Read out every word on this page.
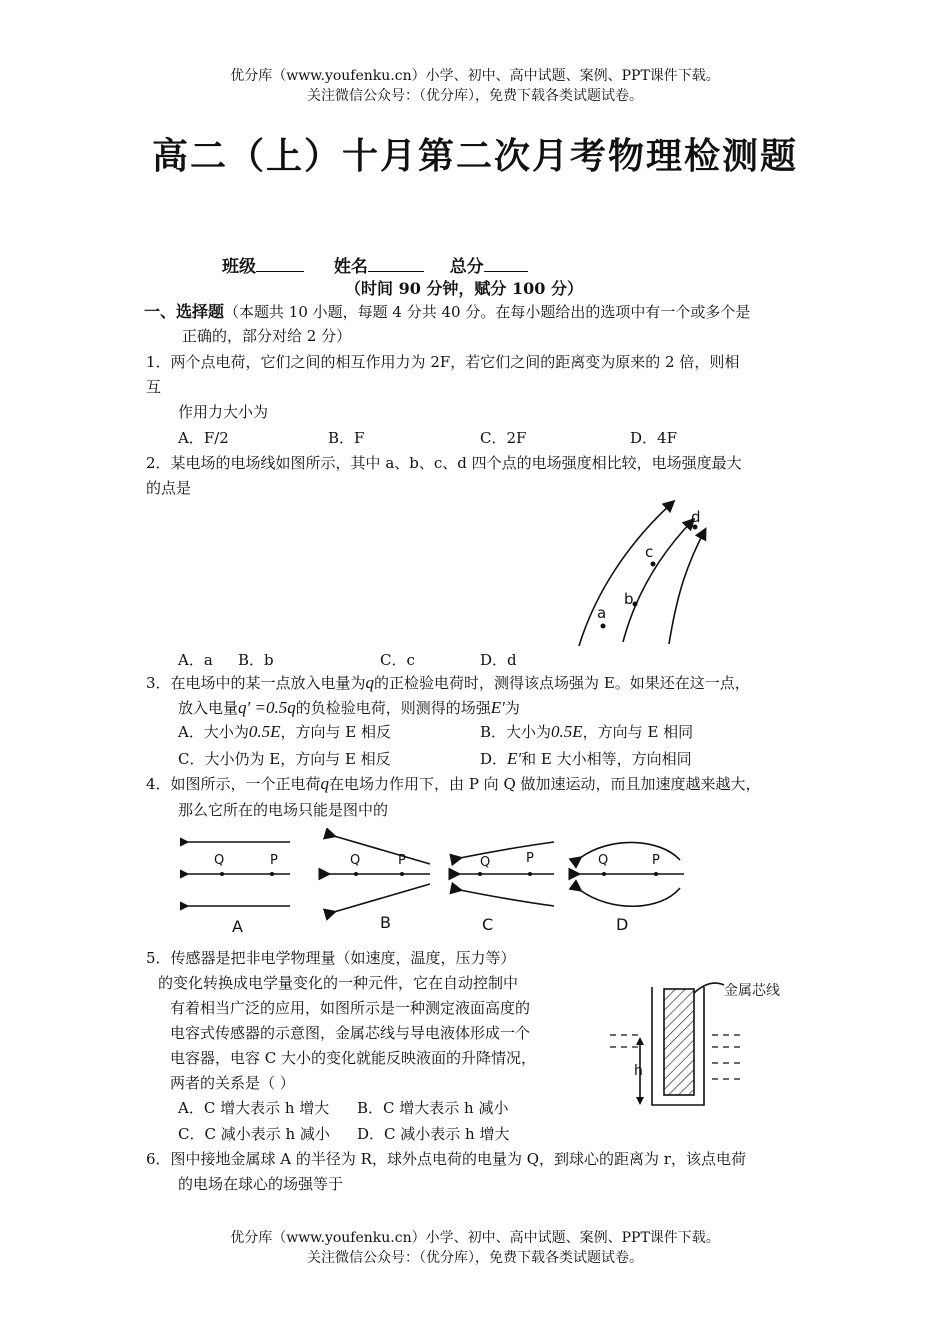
优分库（www.youfenku.cn）小学、初中、高中试题、案例、PPT课件下载。
关注微信公众号：（优分库），免费下载各类试题试卷。
高二（上）十月第二次月考物理检测题
班级	姓名	总分
（时间 90 分钟，赋分 100 分）
一、选择题（本题共 10 小题，每题 4 分共 40 分。在每小题给出的选项中有一个或多个是
正确的，部分对给 2 分）
1．两个点电荷，它们之间的相互作用力为 2F，若它们之间的距离变为原来的 2 倍，则相
互
作用力大小为
A．F/2	B．F	C．2F	D．4F
2．某电场的电场线如图所示，其中 a、b、c、d 四个点的电场强度相比较，电场强度最大
的点是
a
b
c
d
A．a B．b	C．c	D．d
3．在电场中的某一点放入电量为q的正检验电荷时，测得该点场强为 E。如果还在这一点，
放入电量q′ =0.5q的负检验电荷，则测得的场强E′为
A．大小为0.5E，方向与 E 相反	B．大小为0.5E，方向与 E 相同
C．大小仍为 E，方向与 E 相反	D．E′和 E 大小相等，方向相同
4．如图所示，一个正电荷q在电场力作用下，由 P 向 Q 做加速运动，而且加速度越来越大，
那么它所在的电场只能是图中的
Q	P
A
Q	P
B
Q	P
C
Q	P
D
5．传感器是把非电学物理量（如速度，温度，压力等）
的变化转换成电学量变化的一种元件，它在自动控制中
有着相当广泛的应用，如图所示是一种测定液面高度的
电容式传感器的示意图，金属芯线与导电液体形成一个
电容器，电容 C 大小的变化就能反映液面的升降情况，
两者的关系是（ ）
A．C 增大表示 h 增大 B．C 增大表示 h 减小
C．C 减小表示 h 减小 D．C 减小表示 h 增大
h
金属芯线
6．图中接地金属球 A 的半径为 R，球外点电荷的电量为 Q，到球心的距离为 r，该点电荷
的电场在球心的场强等于
优分库（www.youfenku.cn）小学、初中、高中试题、案例、PPT课件下载。
关注微信公众号：（优分库），免费下载各类试题试卷。
